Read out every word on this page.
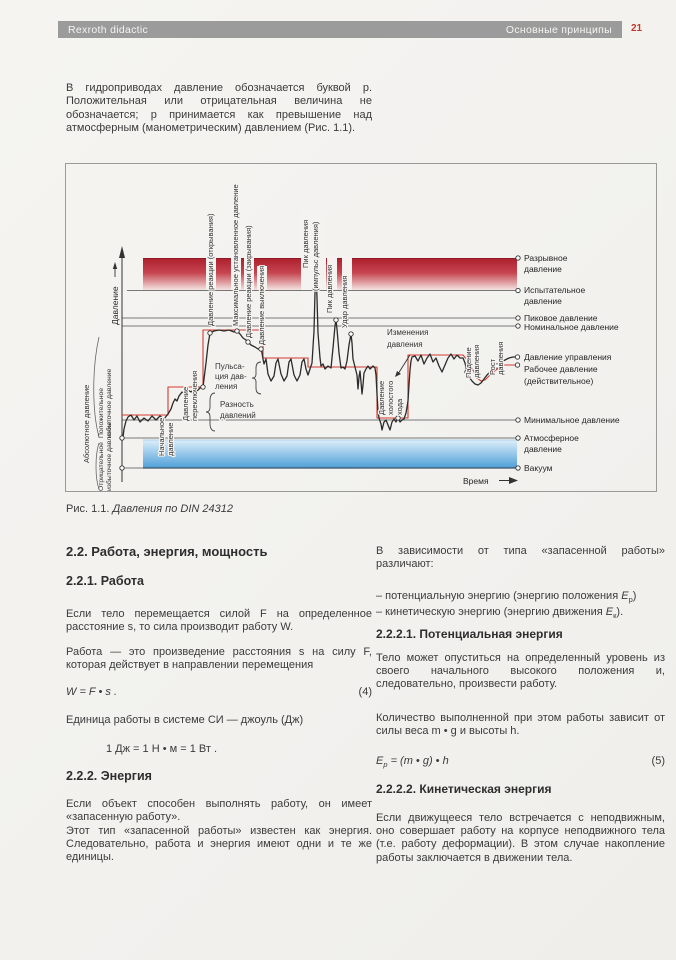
Rexroth didactic	Основные принципы 21
В гидроприводах давление обозначается буквой p. Положительная или отрицательная величина не обозначается; p принимается как превышение над атмосферным (манометрическим) давлением (Рис. 1.1).
Давление
Время
Давление реакции (открывания) Максимальное установленное давление Давление реакции (закрывания) Давление выключения
Пик давления (импульс давления) Пик давления Удар давления
Начальное давление
Давление переключения	Давление холостого хода
Падение давления Рост давления
Пульса-
ция дав-
ления
Разность
давлений
Изменения
давления
Абсолютное давление Положительное избыточное давление
Отрицательное избыточное давление
Разрывное
давление
Испытательное
давление
Пиковое давление
Номинальное давление
Давление управления
Рабочее давление
(действительное)
Минимальное давление
Атмосферное
давление
Вакуум
Рис. 1.1. Давления по DIN 24312
2.2. Работа, энергия, мощность
2.2.1. Работа
Если тело перемещается силой F на определенное расстояние s, то сила производит работу W.
Работа — это произведение расстояния s на силу F, которая действует в направлении перемещения
W = F • s .	(4)
Единица работы в системе СИ — джоуль (Дж)
1 Дж = 1 Н • м = 1 Вт .
2.2.2. Энергия
Если объект способен выполнять работу, он имеет «запасенную работу».
Этот тип «запасенной работы» известен как энергия. Следовательно, работа и энергия имеют одни и те же единицы.
В зависимости от типа «запасенной работы» различают:
– потенциальную энергию (энергию положения $E_р$)
– кинетическую энергию (энергию движения $E_к$).
2.2.2.1. Потенциальная энергия
Тело может опуститься на определенный уровень из своего начального высокого положения и, следовательно, произвести работу.
Количество выполненной при этом работы зависит от силы веса m • g и высоты h.
$E_р = (m$ • g) • h	(5)
2.2.2.2. Кинетическая энергия
Если движущееся тело встречается с неподвижным, оно совершает работу на корпусе неподвижного тела (т.е. работу деформации). В этом случае накопление работы заключается в движении тела.
